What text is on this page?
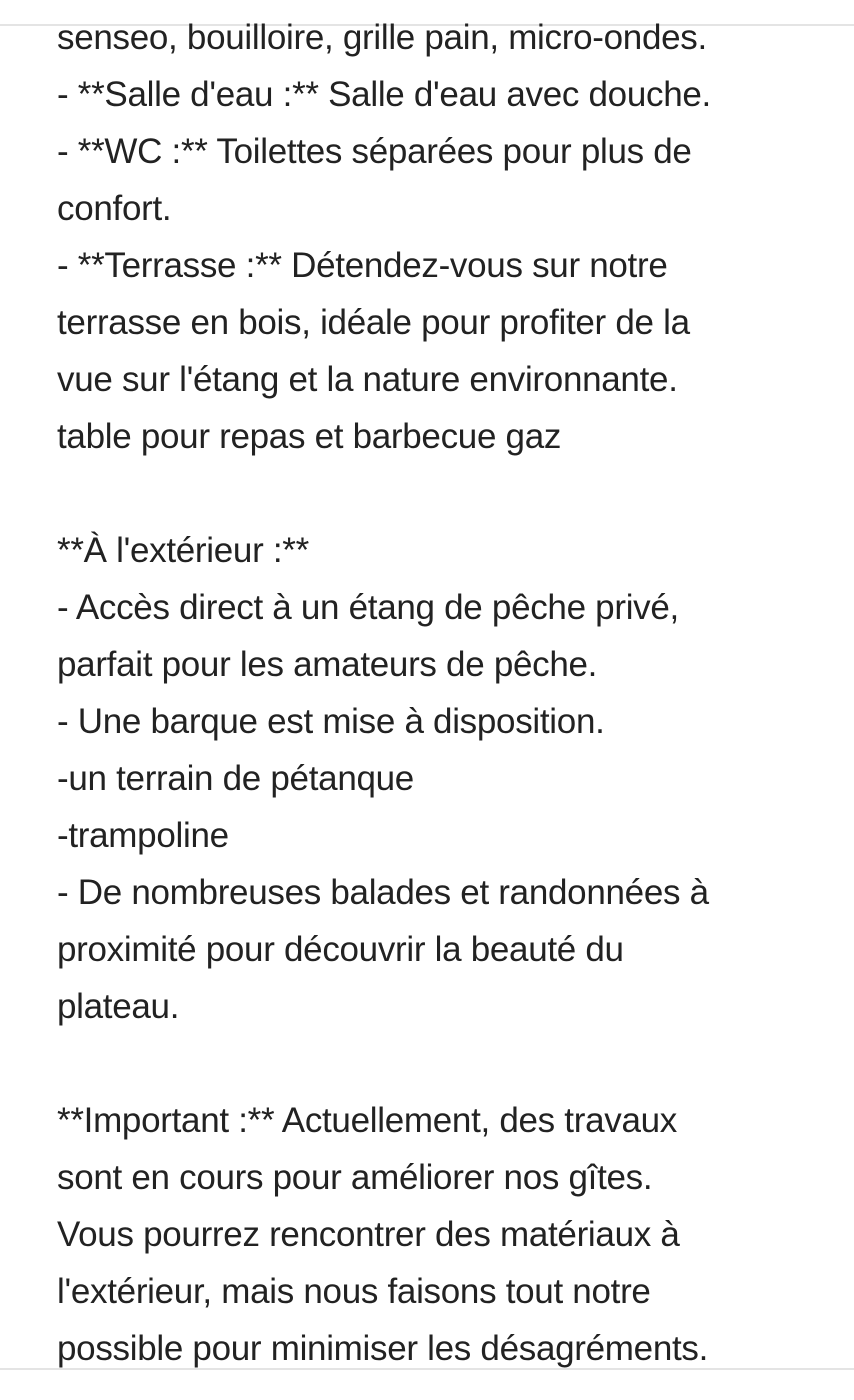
senseo, bouilloire, grille pain, micro-ondes.
- **Salle d'eau :** Salle d'eau avec douche.
- **WC :** Toilettes séparées pour plus de
confort.
- **Terrasse :** Détendez-vous sur notre
terrasse en bois, idéale pour profiter de la
vue sur l'étang et la nature environnante.
table pour repas et barbecue gaz
**À l'extérieur :**
- Accès direct à un étang de pêche privé,
parfait pour les amateurs de pêche.
- Une barque est mise à disposition.
-un terrain de pétanque
-trampoline
- De nombreuses balades et randonnées à
proximité pour découvrir la beauté du
plateau.
**Important :** Actuellement, des travaux
sont en cours pour améliorer nos gîtes.
Vous pourrez rencontrer des matériaux à
l'extérieur, mais nous faisons tout notre
possible pour minimiser les désagréments.
